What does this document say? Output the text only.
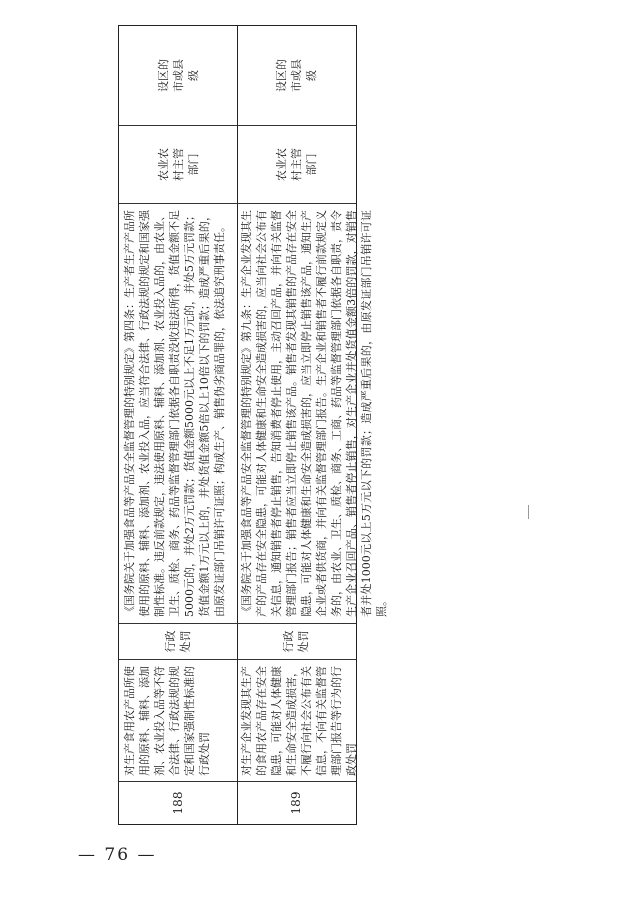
188
对生产食用农产品所使用的原料、辅料、添加剂、农业投入品等不符合法律、行政法规的规定和国家强制性标准的行政处罚
行政处罚
《国务院关于加强食品等产品安全监督管理的特别规定》第四条：生产者生产产品所使用的原料、辅料、添加剂、农业投入品，应当符合法律、行政法规的规定和国家强制性标准。违反前款规定，违法使用原料、辅料、添加剂、农业投入品的，由农业、卫生、质检、商务、药品等监督管理部门依据各自职责没收违法所得，货值金额不足5000元的，并处2万元罚款；货值金额5000元以上不足1万元的，并处5万元罚款；货值金额1万元以上的，并处货值金额5倍以上10倍以下的罚款；造成严重后果的，由原发证部门吊销许可证照；构成生产、销售伪劣商品罪的，依法追究刑事责任。
农业农村主管部门
设区的市或县级
189
对生产企业发现其生产的食用农产品存在安全隐患，可能对人体健康和生命安全造成损害，不履行向社会公布有关信息，不向有关监督管理部门报告等行为的行政处罚
行政处罚
《国务院关于加强食品等产品安全监督管理的特别规定》第九条：生产企业发现其生产的产品存在安全隐患，可能对人体健康和生命安全造成损害的，应当向社会公布有关信息，通知销售者停止销售，告知消费者停止使用，主动召回产品，并向有关监督管理部门报告；销售者应当立即停止销售该产品。销售者发现其销售的产品存在安全隐患，可能对人体健康和生命安全造成损害的，应当立即停止销售该产品，通知生产企业或者供货商，并向有关监督管理部门报告。生产企业和销售者不履行前款规定义务的，由农业、卫生、质检、商务、工商、药品等监督管理部门依据各自职责，责令生产企业召回产品、销售者停止销售，对生产企业并处货值金额3倍的罚款，对销售者并处1000元以上5万元以下的罚款；造成严重后果的，由原发证部门吊销许可证照。
农业农村主管部门
设区的市或县级
— 76 —
